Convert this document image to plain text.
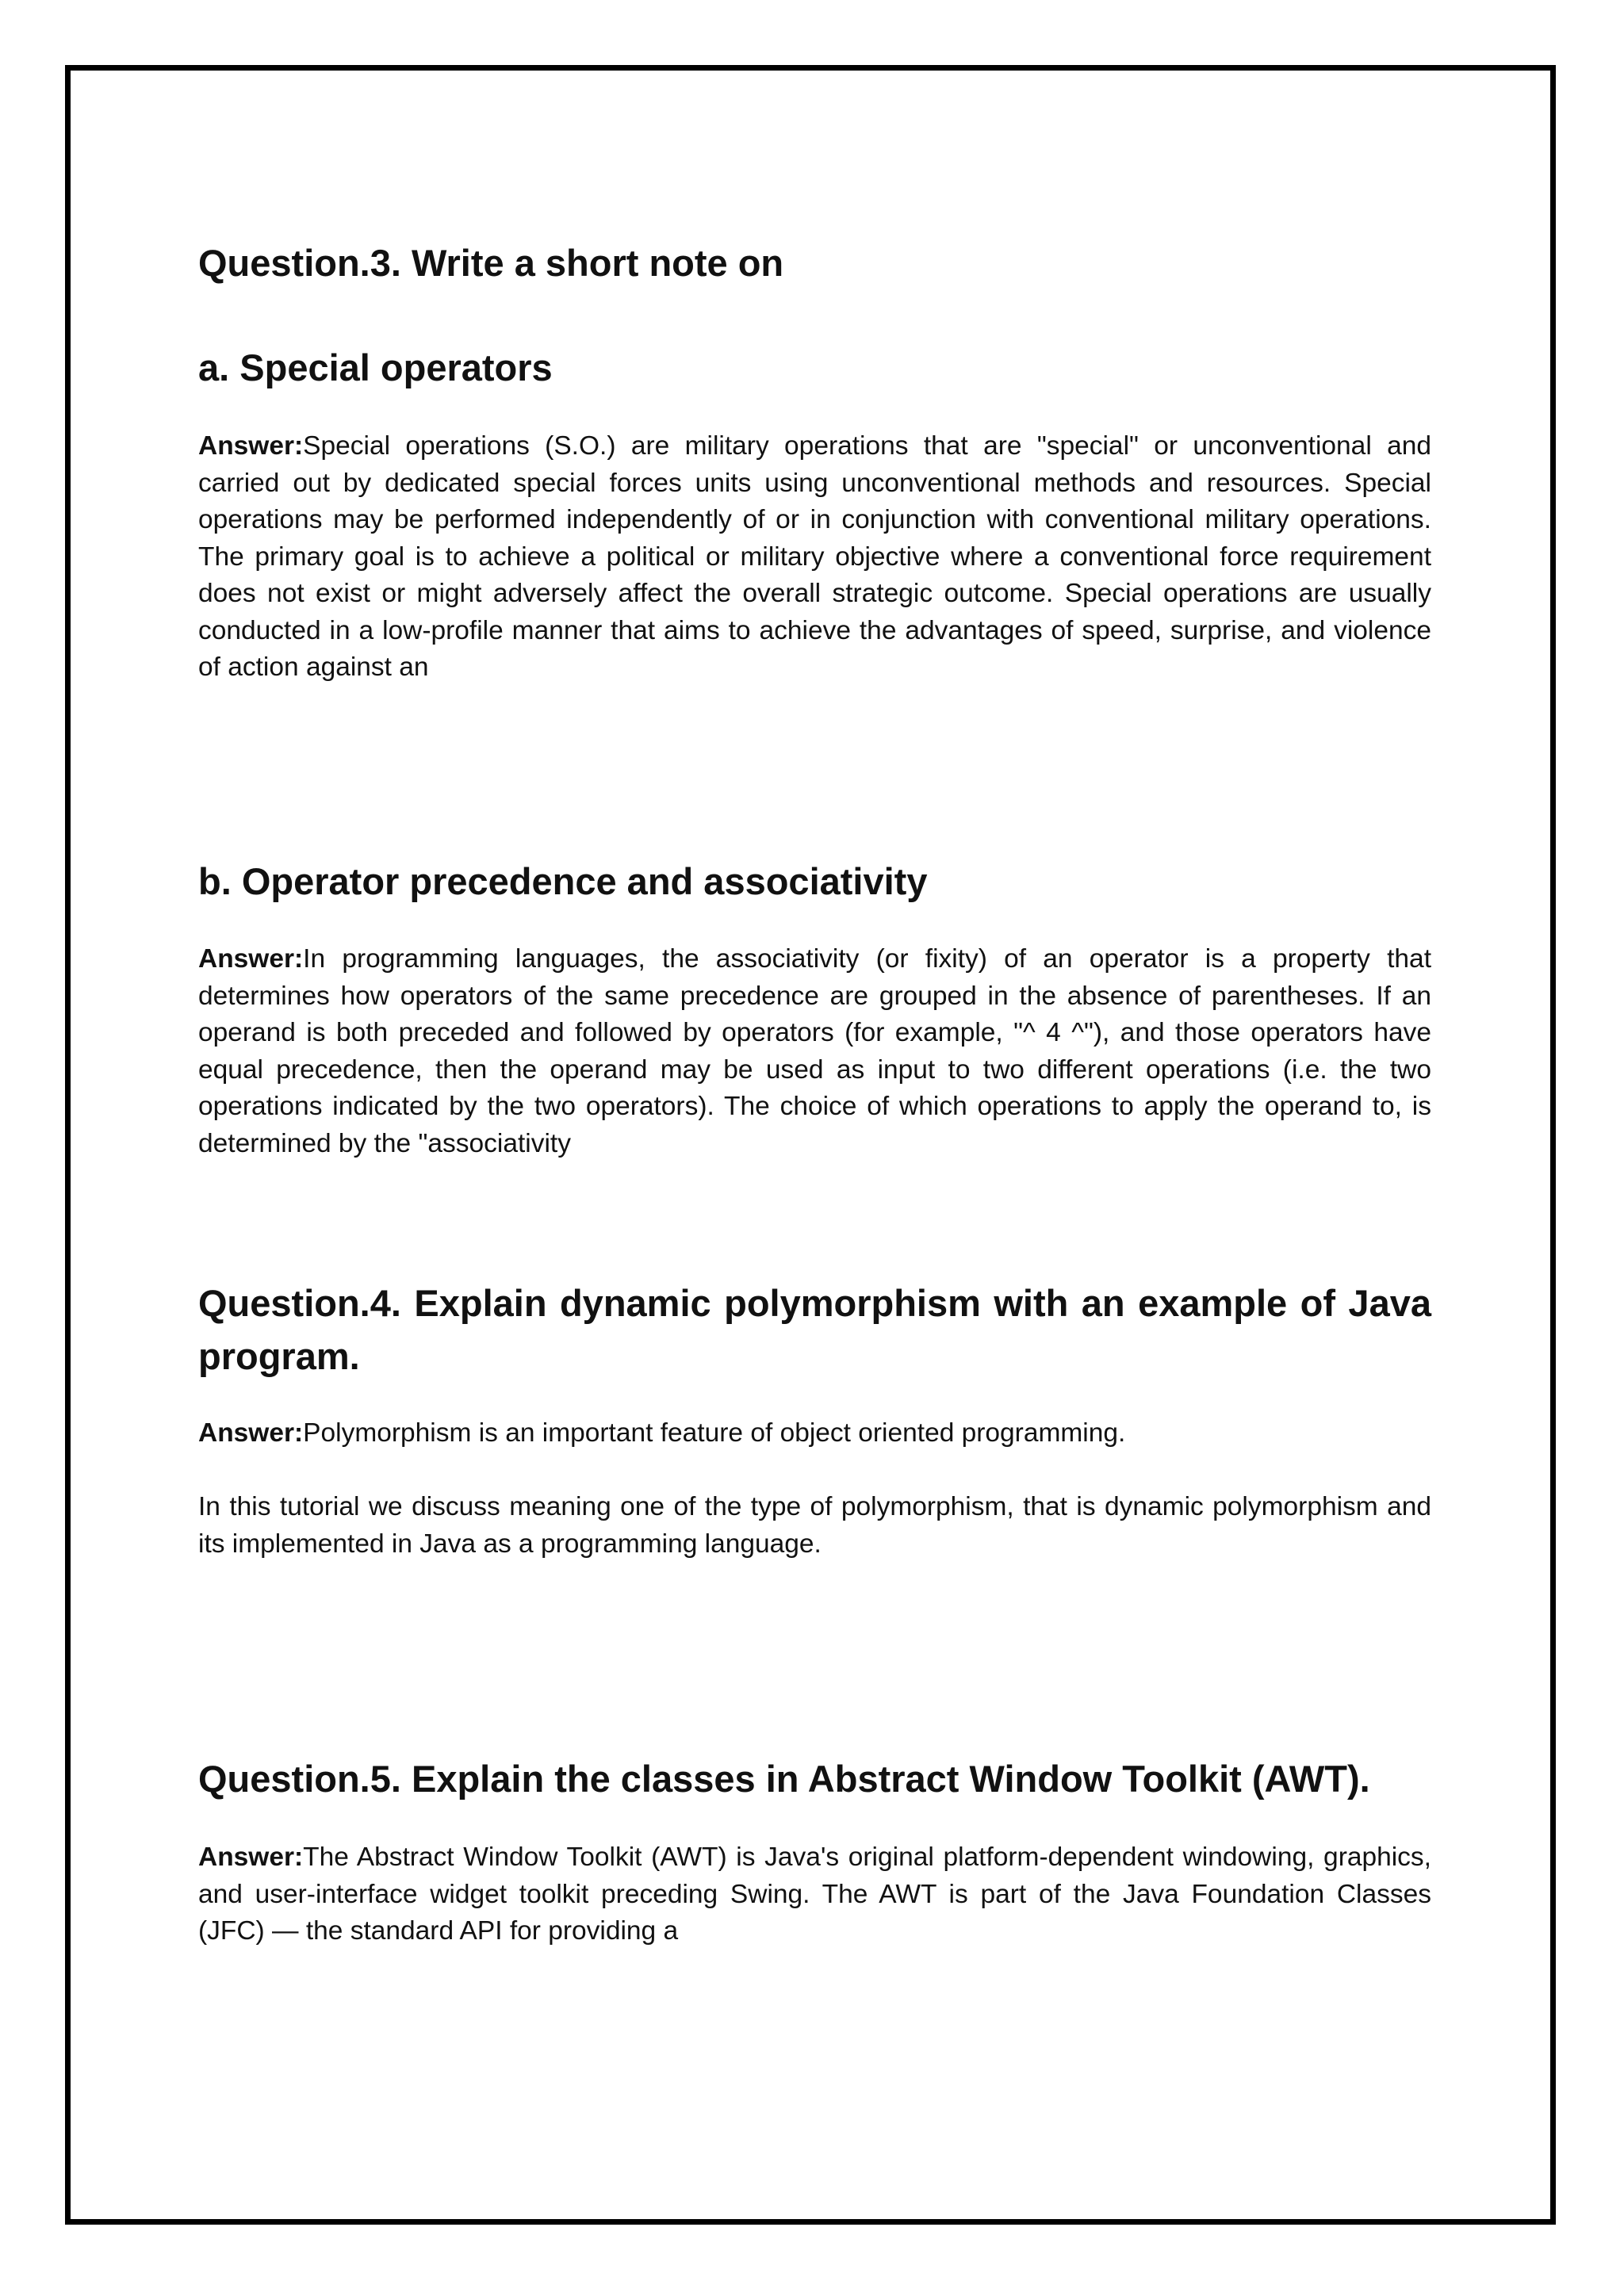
Question.3. Write a short note on
a. Special operators

Answer:Special operations (S.O.) are military operations that are "special" or unconventional and carried out by dedicated special forces units using unconventional methods and resources. Special operations may be performed independently of or in conjunction with conventional military operations. The primary goal is to achieve a political or military objective where a conventional force requirement does not exist or might adversely affect the overall strategic outcome. Special operations are usually conducted in a low-profile manner that aims to achieve the advantages of speed, surprise, and violence of action against an

b. Operator precedence and associativity

Answer:In programming languages, the associativity (or fixity) of an operator is a property that determines how operators of the same precedence are grouped in the absence of parentheses. If an operand is both preceded and followed by operators (for example, "^ 4 ^"), and those operators have equal precedence, then the operand may be used as input to two different operations (i.e. the two operations indicated by the two operators). The choice of which operations to apply the operand to, is determined by the "associativity

Question.4. Explain dynamic polymorphism with an example of Java program.

Answer:Polymorphism is an important feature of object oriented programming.

In this tutorial we discuss meaning one of the type of polymorphism, that is dynamic polymorphism and its implemented in Java as a programming language.

Question.5. Explain the classes in Abstract Window Toolkit (AWT).

Answer:The Abstract Window Toolkit (AWT) is Java's original platform-dependent windowing, graphics, and user-interface widget toolkit preceding Swing. The AWT is part of the Java Foundation Classes (JFC) — the standard API for providing a
